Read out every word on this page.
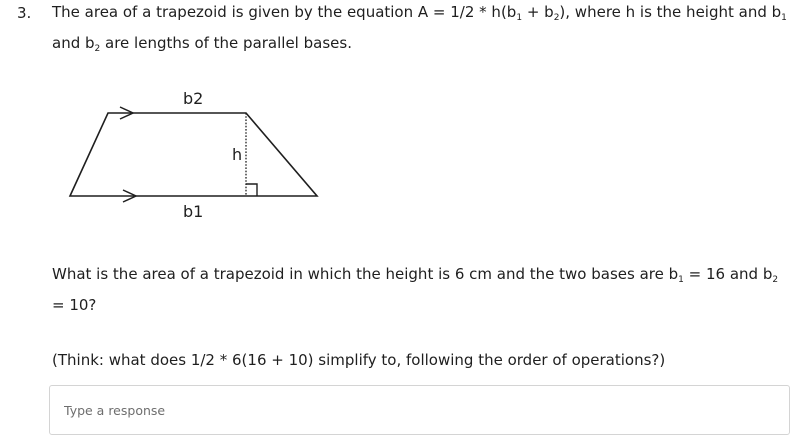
3. The area of a trapezoid is given by the equation $A = 1/2 * h(b_1 + b_2)$, where h is the height and $b_1$ and $b_2$ are lengths of the parallel bases.

b2
h
b1

What is the area of a trapezoid in which the height is 6 cm and the two bases are $b_1 = 16$ and $b_2 = 10$?

(Think: what does 1/2 * 6(16 + 10) simplify to, following the order of operations?)

Type a response
